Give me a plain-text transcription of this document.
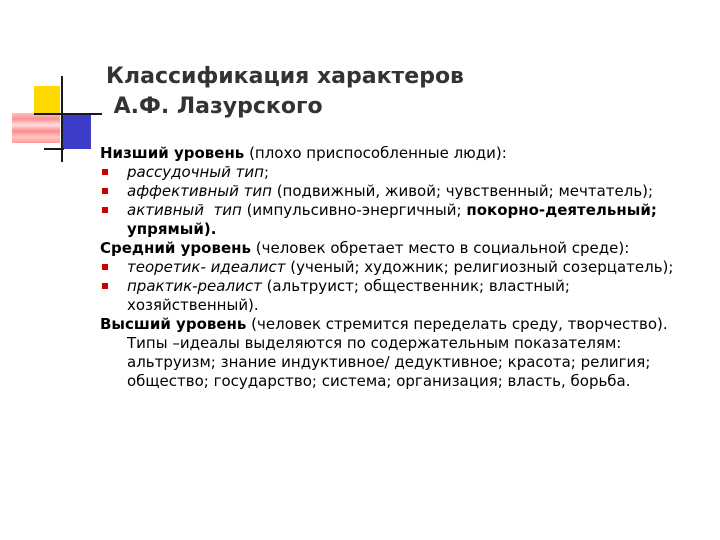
Классификация характеров
А.Ф. Лазурского
Низший уровень (плохо приспособленные люди):
рассудочный тип;
аффективный тип (подвижный, живой; чувственный; мечтатель);
активный  тип (импульсивно-энергичный; покорно-деятельный;
упрямый).
Средний уровень (человек обретает место в социальной среде):
теоретик- идеалист (ученый; художник; религиозный созерцатель);
практик-реалист (альтруист; общественник; властный;
хозяйственный).
Высший уровень (человек стремится переделать среду, творчество).
Типы –идеалы выделяются по содержательным показателям:
альтруизм; знание индуктивное/ дедуктивное; красота; религия;
общество; государство; система; организация; власть, борьба.
